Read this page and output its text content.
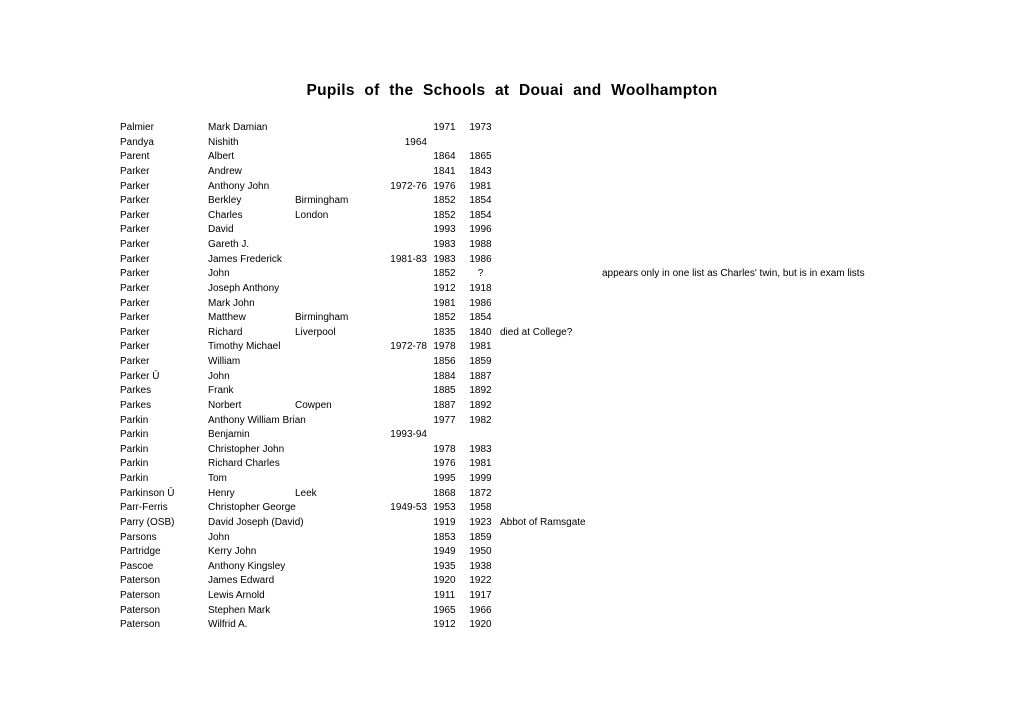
Pupils of the Schools at Douai and Woolhampton
Palmier	Mark Damian	1971	1973
Pandya	Nishith	1964
Parent	Albert	1864	1865
Parker	Andrew	1841	1843
Parker	Anthony John	1972-76 1976	1981
Parker	Berkley	Birmingham	1852	1854
Parker	Charles	London	1852	1854
Parker	David	1993	1996
Parker	Gareth J.	1983	1988
Parker	James Frederick	1981-83 1983	1986
Parker	John	1852	?	appears only in one list as Charles' twin, but is in exam lists
Parker	Joseph Anthony	1912	1918
Parker	Mark John	1981	1986
Parker	Matthew	Birmingham	1852	1854
Parker	Richard	Liverpool	1835	1840 died at College?
Parker	Timothy Michael	1972-78 1978	1981
Parker	William	1856	1859
Parker Ū	John	1884	1887
Parkes	Frank	1885	1892
Parkes	Norbert	Cowpen	1887	1892
Parkin	Anthony William Brian	1977	1982
Parkin	Benjamin	1993-94
Parkin	Christopher John	1978	1983
Parkin	Richard Charles	1976	1981
Parkin	Tom	1995	1999
Parkinson Ū	Henry	Leek	1868	1872
Parr-Ferris	Christopher George	1949-53 1953	1958
Parry (OSB)	David Joseph (David)	1919	1923 Abbot of Ramsgate
Parsons	John	1853	1859
Partridge	Kerry John	1949	1950
Pascoe	Anthony Kingsley	1935	1938
Paterson	James Edward	1920	1922
Paterson	Lewis Arnold	1911	1917
Paterson	Stephen Mark	1965	1966
Paterson	Wilfrid A.	1912	1920
